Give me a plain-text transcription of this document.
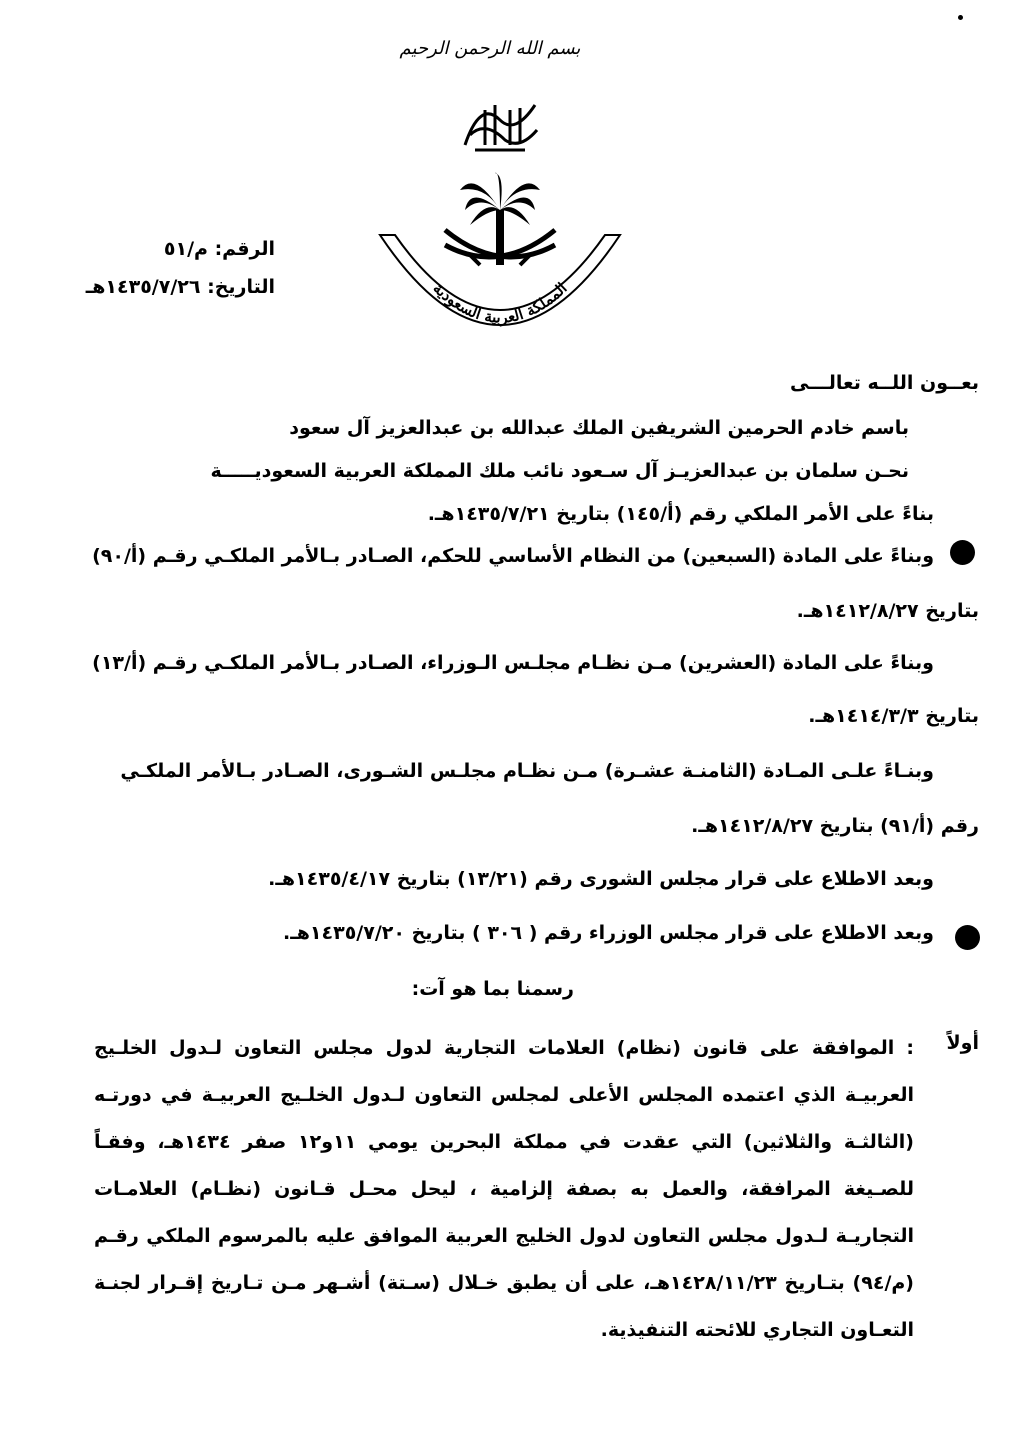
بسم الله الرحمن الرحيم
المملكة العربية السعودية
الرقم: م/٥١
التاريخ: ١٤٣٥/٧/٢٦هـ
بعــون اللــه تعالـــى
باسم خادم الحرمين الشريفين الملك عبدالله بن عبدالعزيز آل سعود
نحـن سلمان بن عبدالعزيـز آل سـعود نائب ملك المملكة العربية السعوديـــــة
بناءً على الأمر الملكي رقم (أ/١٤٥) بتاريخ ١٤٣٥/٧/٢١هـ.
وبناءً على المادة (السبعين) من النظام الأساسي للحكم، الصـادر بـالأمر الملكـي رقـم (أ/٩٠)
بتاريخ ١٤١٢/٨/٢٧هـ.
وبناءً على المادة (العشرين) مـن نظـام مجلـس الـوزراء، الصـادر بـالأمر الملكـي رقـم (أ/١٣)
بتاريخ ١٤١٤/٣/٣هـ.
وبنـاءً علـى المـادة (الثامنـة عشـرة) مـن نظـام مجلـس الشـورى، الصـادر بـالأمر الملكـي
رقم (أ/٩١) بتاريخ ١٤١٢/٨/٢٧هـ.
وبعد الاطلاع على قرار مجلس الشورى رقم (١٣/٢١) بتاريخ ١٤٣٥/٤/١٧هـ.
وبعد الاطلاع على قرار مجلس الوزراء رقم ( ٣٠٦ ) بتاريخ ١٤٣٥/٧/٢٠هـ.
رسمنا بما هو آت:
أولاً
: الموافقة على قانون (نظام) العلامات التجارية لدول مجلس التعاون لـدول الخلـيج العربيـة الذي اعتمده المجلس الأعلى لمجلس التعاون لـدول الخلـيج العربيـة في دورتـه (الثالثـة والثلاثين) التي عقدت في مملكة البحرين يومي ١١و١٢ صفر ١٤٣٤هـ، وفقـاً للصـيغة المرافقة، والعمل به بصفة إلزامية ، ليحل محـل قـانون (نظـام) العلامـات التجاريـة لـدول مجلس التعاون لدول الخليج العربية الموافق عليه بالمرسوم الملكي رقـم (م/٩٤) بتـاريخ ١٤٢٨/١١/٢٣هـ، على أن يطبق خـلال (سـتة) أشـهر مـن تـاريخ إقـرار لجنـة التعـاون التجاري للائحته التنفيذية.
